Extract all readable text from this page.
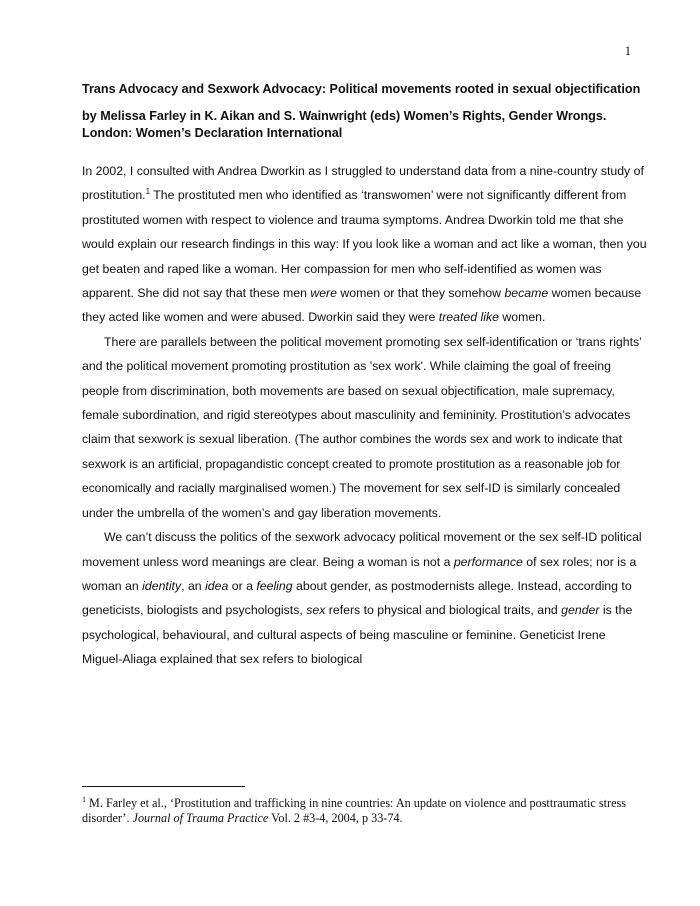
1

Trans Advocacy and Sexwork Advocacy: Political movements rooted in sexual objectification

by Melissa Farley in K. Aikan and S. Wainwright (eds) Women’s Rights, Gender Wrongs. London: Women’s Declaration International

In 2002, I consulted with Andrea Dworkin as I struggled to understand data from a nine-country study of prostitution.$^1$ The prostituted men who identified as ‘transwomen’ were not significantly different from prostituted women with respect to violence and trauma symptoms. Andrea Dworkin told me that she would explain our research findings in this way: If you look like a woman and act like a woman, then you get beaten and raped like a woman. Her compassion for men who self-identified as women was apparent. She did not say that these men were women or that they somehow became women because they acted like women and were abused. Dworkin said they were treated like women.

There are parallels between the political movement promoting sex self-identification or ‘trans rights’ and the political movement promoting prostitution as 'sex work'. While claiming the goal of freeing people from discrimination, both movements are based on sexual objectification, male supremacy, female subordination, and rigid stereotypes about masculinity and femininity. Prostitution’s advocates claim that sexwork is sexual liberation. (The author combines the words sex and work to indicate that sexwork is an artificial, propagandistic concept created to promote prostitution as a reasonable job for economically and racially marginalised women.) The movement for sex self-ID is similarly concealed under the umbrella of the women’s and gay liberation movements.

We can’t discuss the politics of the sexwork advocacy political movement or the sex self-ID political movement unless word meanings are clear. Being a woman is not a performance of sex roles; nor is a woman an identity, an idea or a feeling about gender, as postmodernists allege. Instead, according to geneticists, biologists and psychologists, sex refers to physical and biological traits, and gender is the psychological, behavioural, and cultural aspects of being masculine or feminine. Geneticist Irene Miguel-Aliaga explained that sex refers to biological

$^1$ M. Farley et al., ‘Prostitution and trafficking in nine countries: An update on violence and posttraumatic stress disorder’. Journal of Trauma Practice Vol. 2 #3-4, 2004, p 33-74.
